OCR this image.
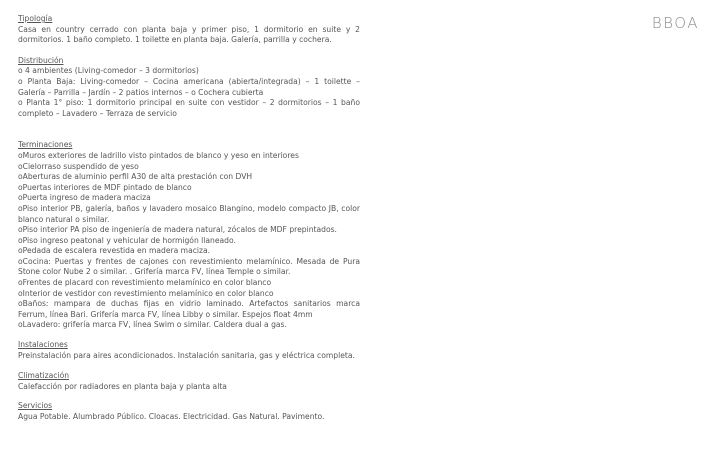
BBOA
Tipología
Casa en country cerrado con planta baja y primer piso, 1 dormitorio en suite y 2 dormitorios. 1 baño completo. 1 toilette en planta baja. Galería, parrilla y cochera.
Distribución
o 4 ambientes (Living-comedor – 3 dormitorios)
o Planta Baja: Living-comedor – Cocina americana (abierta/integrada) – 1 toilette – Galería – Parrilla – Jardín – 2 patios internos – o Cochera cubierta
o Planta 1° piso: 1 dormitorio principal en suite con vestidor – 2 dormitorios – 1 baño completo – Lavadero – Terraza de servicio
Terminaciones
oMuros exteriores de ladrillo visto pintados de blanco y yeso en interiores
oCielorraso suspendido de yeso
oAberturas de aluminio perfil A30 de alta prestación con DVH
oPuertas interiores de MDF pintado de blanco
oPuerta ingreso de madera maciza
oPiso interior PB, galería, baños y lavadero mosaico Blangino, modelo compacto JB, color blanco natural o similar.
oPiso interior PA piso de ingeniería de madera natural, zócalos de MDF prepintados.
oPiso ingreso peatonal y vehicular de hormigón llaneado.
oPedada de escalera revestida en madera maciza.
oCocina: Puertas y frentes de cajones con revestimiento melamínico. Mesada de Pura Stone color Nube 2 o similar. . Grifería marca FV, línea Temple o similar.
oFrentes de placard con revestimiento melamínico en color blanco
oInterior de vestidor con revestimiento melamínico en color blanco
oBaños: mampara de duchas fijas en vidrio laminado. Artefactos sanitarios marca Ferrum, línea Bari. Grifería marca FV, línea Libby o similar. Espejos float 4mm
oLavadero: grifería marca FV, línea Swim o similar. Caldera dual a gas.
Instalaciones
Preinstalación para aires acondicionados. Instalación sanitaria, gas y eléctrica completa.
Climatización
Calefacción por radiadores en planta baja y planta alta
Servicios
Agua Potable. Alumbrado Público. Cloacas. Electricidad. Gas Natural. Pavimento.
